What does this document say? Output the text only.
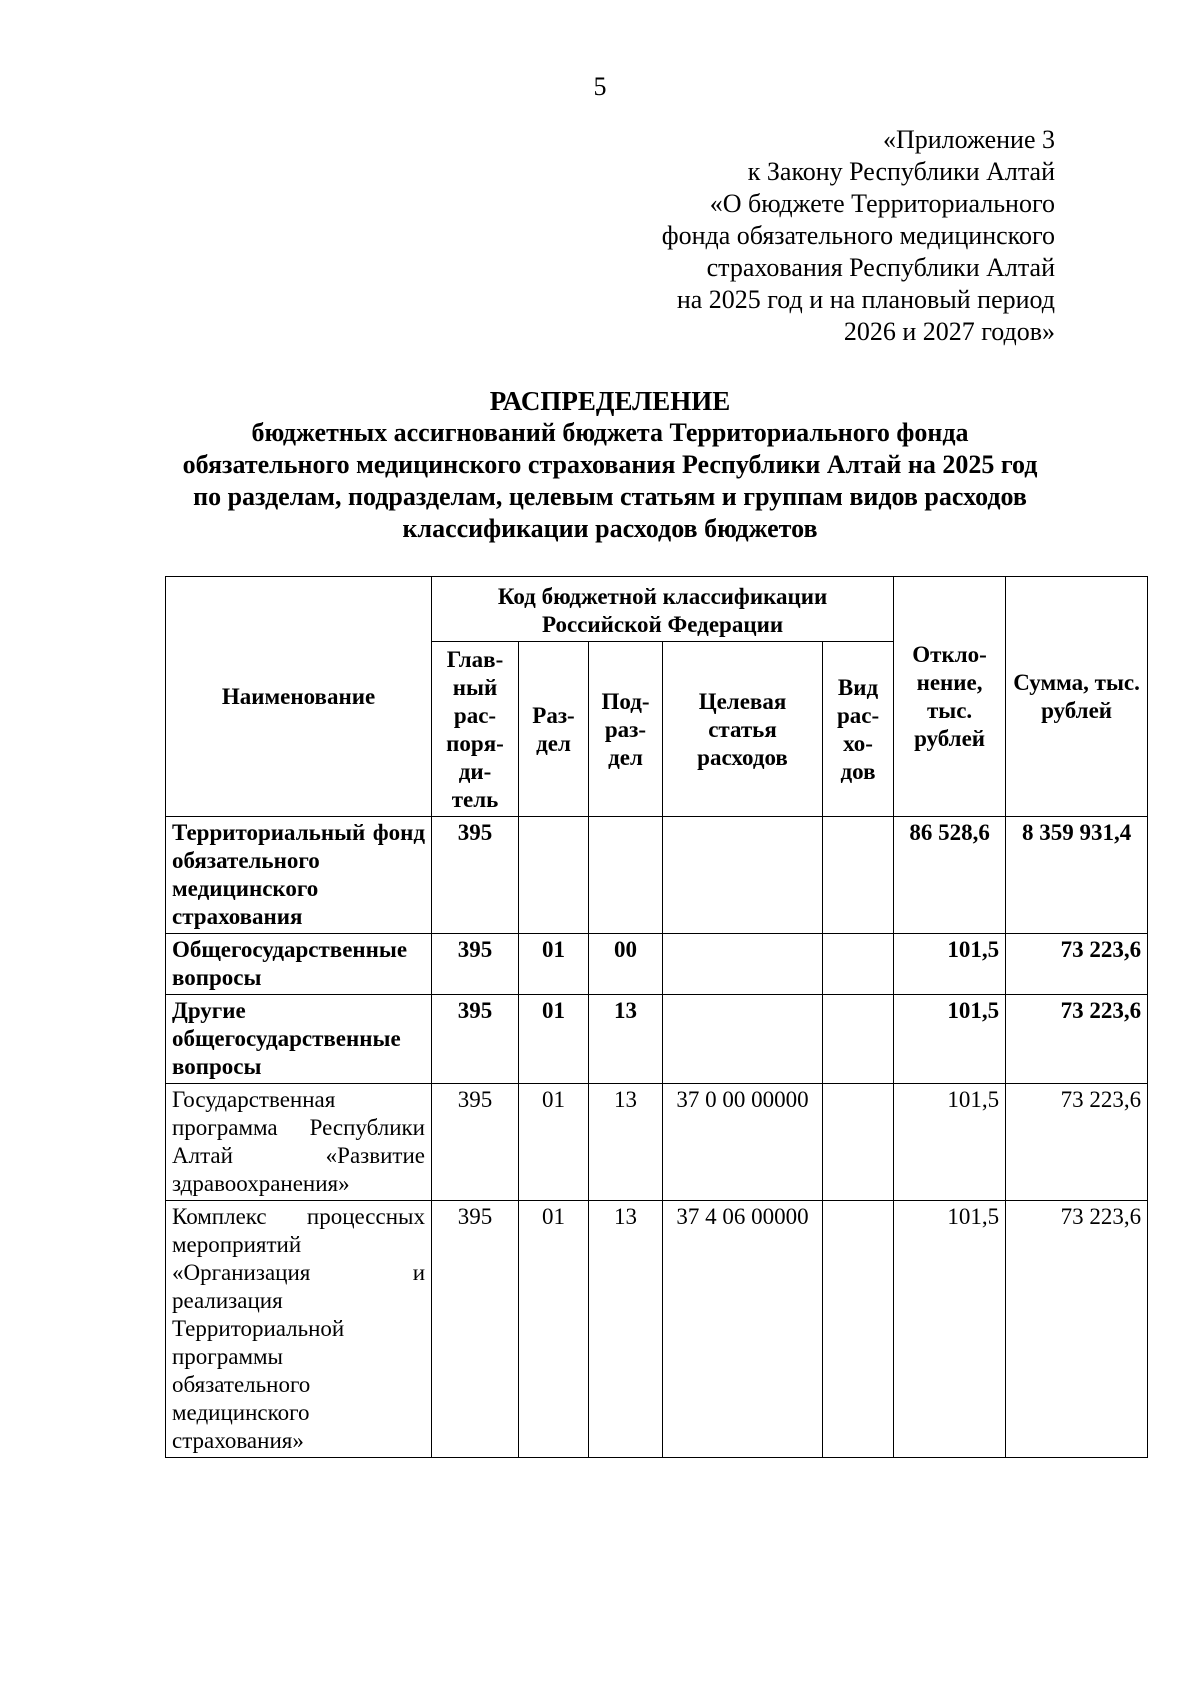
5
«Приложение 3
к Закону Республики Алтай
«О бюджете Территориального
фонда обязательного медицинского
страхования Республики Алтай
на 2025 год и на плановый период
2026 и 2027 годов»
РАСПРЕДЕЛЕНИЕ
бюджетных ассигнований бюджета Территориального фонда
обязательного медицинского страхования Республики Алтай на 2025 год
по разделам, подразделам, целевым статьям и группам видов расходов
классификации расходов бюджетов
Наименование	Код бюджетной классификации Российской Федерации					Откло-нение, тыс. рублей	Сумма, тыс. рублей
	Глав-ный рас-поря-ди-тель	Раз-дел	Под-раз-дел	Целевая статья расходов	Вид рас-хо-дов		
Территориальный фонд обязательного медицинского страхования	395					86 528,6	8 359 931,4
Общегосударственные вопросы	395	01	00			101,5	73 223,6
Другие общегосударственные вопросы	395	01	13			101,5	73 223,6
Государственная программа Республики Алтай «Развитие здравоохранения»	395	01	13	37 0 00 00000		101,5	73 223,6
Комплекс процессных мероприятий «Организация и реализация Территориальной программы обязательного медицинского страхования»	395	01	13	37 4 06 00000		101,5	73 223,6
